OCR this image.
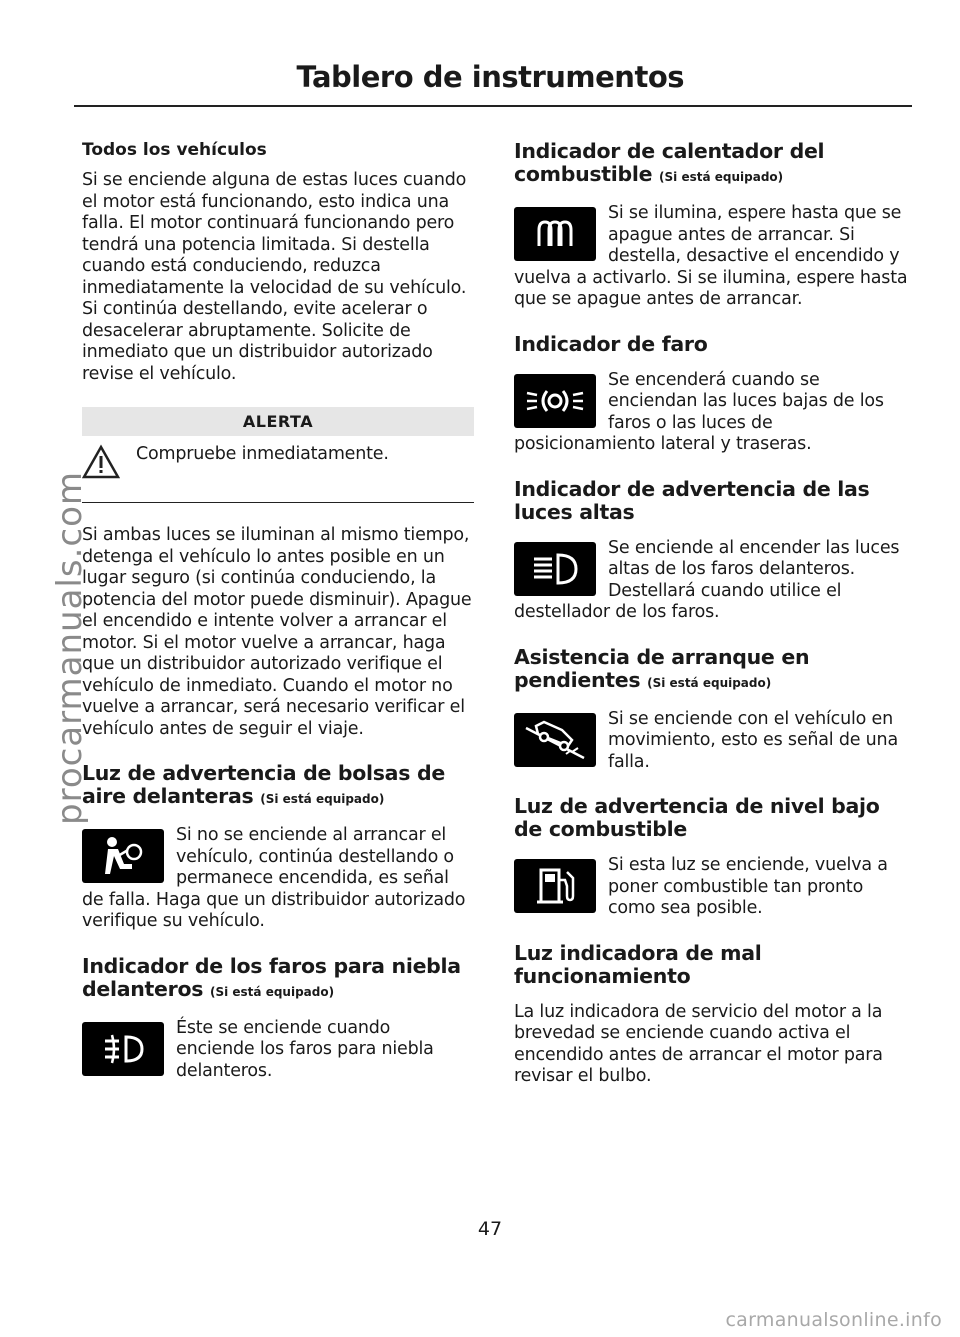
Tablero de instrumentos
Todos los vehículos

Si se enciende alguna de estas luces cuando el motor está funcionando, esto indica una falla. El motor continuará funcionando pero tendrá una potencia limitada. Si destella cuando está conduciendo, reduzca inmediatamente la velocidad de su vehículo. Si continúa destellando, evite acelerar o desacelerar abruptamente. Solicite de inmediato que un distribuidor autorizado revise el vehículo.

ALERTA

Compruebe inmediatamente.

Si ambas luces se iluminan al mismo tiempo, detenga el vehículo lo antes posible en un lugar seguro (si continúa conduciendo, la potencia del motor puede disminuir). Apague el encendido e intente volver a arrancar el motor. Si el motor vuelve a arrancar, haga que un distribuidor autorizado verifique el vehículo de inmediato. Cuando el motor no vuelve a arrancar, será necesario verificar el vehículo antes de seguir el viaje.

Luz de advertencia de bolsas de aire delanteras (Si está equipado)

Si no se enciende al arrancar el vehículo, continúa destellando o permanece encendida, es señal de falla. Haga que un distribuidor autorizado verifique su vehículo.

Indicador de los faros para niebla delanteros (Si está equipado)

Éste se enciende cuando enciende los faros para niebla delanteros.

Indicador de calentador del combustible (Si está equipado)

Si se ilumina, espere hasta que se apague antes de arrancar. Si destella, desactive el encendido y vuelva a activarlo. Si se ilumina, espere hasta que se apague antes de arrancar.

Indicador de faro

Se encenderá cuando se enciendan las luces bajas de los faros o las luces de posicionamiento lateral y traseras.

Indicador de advertencia de las luces altas

Se enciende al encender las luces altas de los faros delanteros. Destellará cuando utilice el destellador de los faros.

Asistencia de arranque en pendientes (Si está equipado)

Si se enciende con el vehículo en movimiento, esto es señal de una falla.

Luz de advertencia de nivel bajo de combustible

Si esta luz se enciende, vuelva a poner combustible tan pronto como sea posible.

Luz indicadora de mal funcionamiento

La luz indicadora de servicio del motor a la brevedad se enciende cuando activa el encendido antes de arrancar el motor para revisar el bulbo.

47
procarmanuals.com
carmanualsonline.info
